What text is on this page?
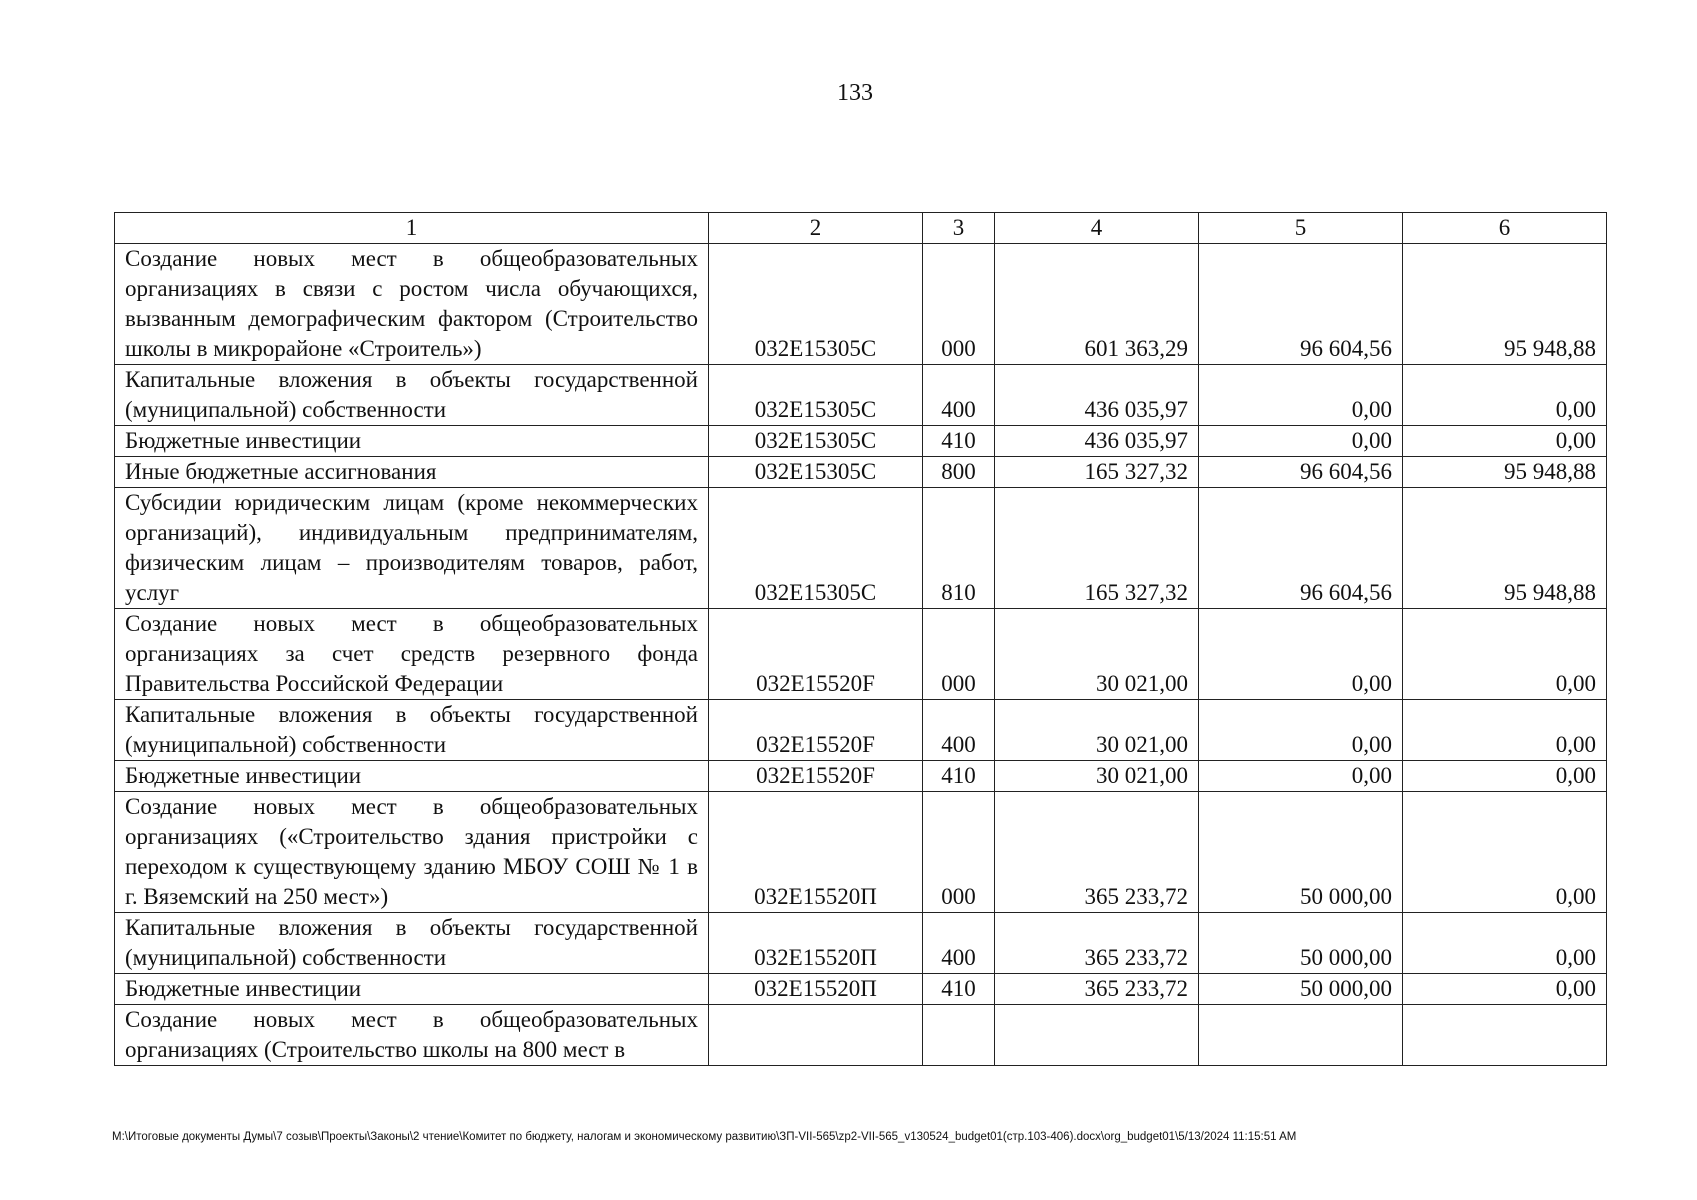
133
1	2	3	4	5	6
Создание новых мест в общеобразовательных организациях в связи с ростом числа обучающихся, вызванным демографическим фактором (Строительство школы в микрорайоне «Строитель»)	032E15305C	000	601 363,29	96 604,56	95 948,88
Капитальные вложения в объекты государственной (муниципальной) собственности	032E15305C	400	436 035,97	0,00	0,00
Бюджетные инвестиции	032E15305C	410	436 035,97	0,00	0,00
Иные бюджетные ассигнования	032E15305C	800	165 327,32	96 604,56	95 948,88
Субсидии юридическим лицам (кроме некоммерческих организаций), индивидуальным предпринимателям, физическим лицам – производителям товаров, работ, услуг	032E15305C	810	165 327,32	96 604,56	95 948,88
Создание новых мест в общеобразовательных организациях за счет средств резервного фонда Правительства Российской Федерации	032E15520F	000	30 021,00	0,00	0,00
Капитальные вложения в объекты государственной (муниципальной) собственности	032E15520F	400	30 021,00	0,00	0,00
Бюджетные инвестиции	032E15520F	410	30 021,00	0,00	0,00
Создание новых мест в общеобразовательных организациях («Строительство здания пристройки с переходом к существующему зданию МБОУ СОШ № 1 в г. Вяземский на 250 мест»)	032E15520П	000	365 233,72	50 000,00	0,00
Капитальные вложения в объекты государственной (муниципальной) собственности	032E15520П	400	365 233,72	50 000,00	0,00
Бюджетные инвестиции	032E15520П	410	365 233,72	50 000,00	0,00
Создание новых мест в общеобразовательных организациях (Строительство школы на 800 мест в					
М:\Итоговые документы Думы\7 созыв\Проекты\Законы\2 чтение\Комитет по бюджету, налогам и экономическому развитию\ЗП-VII-565\zp2-VII-565_v130524_budget01(стр.103-406).docx\org_budget01\5/13/2024 11:15:51 AM
